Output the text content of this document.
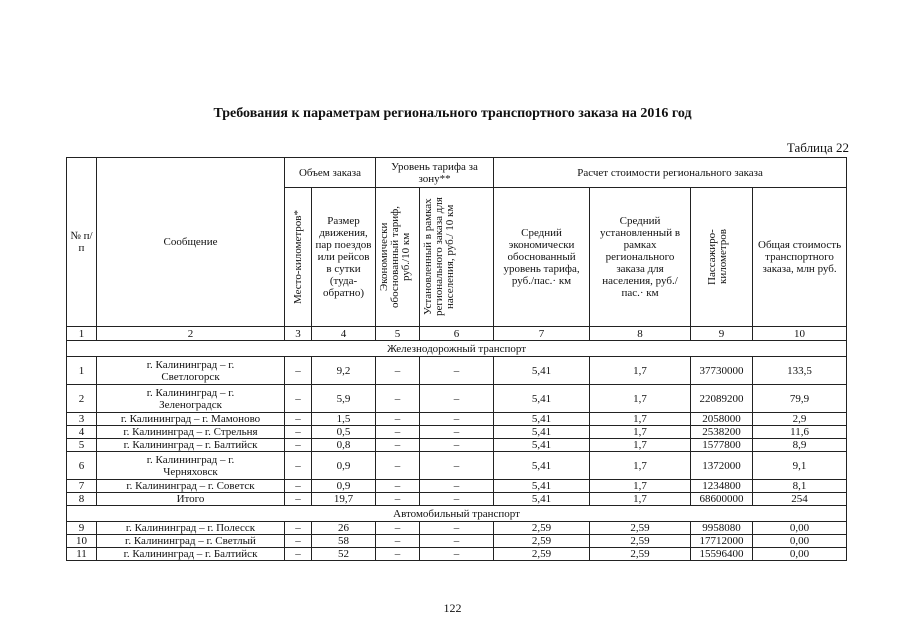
Требования к параметрам регионального транспортного заказа на 2016 год
Таблица 22
№ п/п	Сообщение	Объем заказа		Уровень тарифа за зону**		Расчет стоимости регионального заказа			

		Место-километров*	Размер движения, пар поездов или рейсов в сутки (туда-обратно)	Экономически обоснованный тариф, руб./10 км	Установленный в рамках регионального заказа для населения, руб./ 10 км	Средний экономически обоснованный уровень тарифа, руб./пас.· км	Средний установленный в рамках регионального заказа для населения, руб./пас.· км	Пассажиро-километров	Общая стоимость транспортного заказа, млн руб.
1	2	3	4	5	6	7	8	9	10
Железнодорожный транспорт									
1	г. Калининград – г. Светлогорск	–	9,2	–	–	5,41	1,7	37730000	133,5
2	г. Калининград – г. Зеленоградск	–	5,9	–	–	5,41	1,7	22089200	79,9
3	г. Калининград – г. Мамоново	–	1,5	–	–	5,41	1,7	2058000	2,9
4	г. Калининград – г. Стрельня	–	0,5	–	–	5,41	1,7	2538200	11,6
5	г. Калининград – г. Балтийск	–	0,8	–	–	5,41	1,7	1577800	8,9
6	г. Калининград – г. Черняховск	–	0,9	–	–	5,41	1,7	1372000	9,1
7	г. Калининград – г. Советск	–	0,9	–	–	5,41	1,7	1234800	8,1
8	Итого	–	19,7	–	–	5,41	1,7	68600000	254
Автомобильный транспорт									
9	г. Калининград – г. Полесск	–	26	–	–	2,59	2,59	9958080	0,00
10	г. Калининград – г. Светлый	–	58	–	–	2,59	2,59	17712000	0,00
11	г. Калининград – г. Балтийск	–	52	–	–	2,59	2,59	15596400	0,00
122
